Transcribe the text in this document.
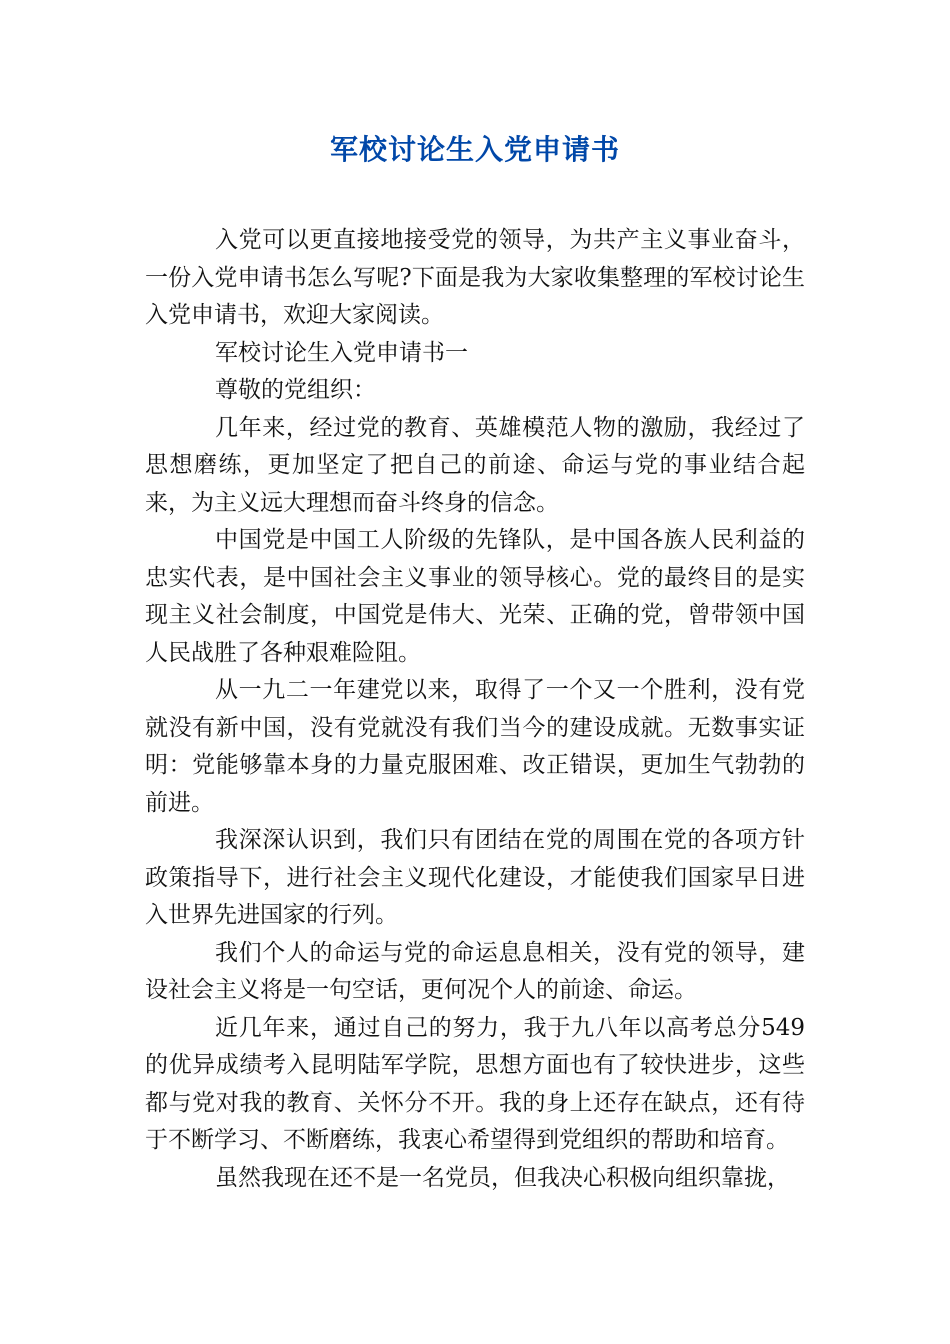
军校讨论生入党申请书

入党可以更直接地接受党的领导，为共产主义事业奋斗，一份入党申请书怎么写呢?下面是我为大家收集整理的军校讨论生入党申请书，欢迎大家阅读。

军校讨论生入党申请书一

尊敬的党组织：

几年来，经过党的教育、英雄模范人物的激励，我经过了思想磨练，更加坚定了把自己的前途、命运与党的事业结合起来，为主义远大理想而奋斗终身的信念。

中国党是中国工人阶级的先锋队，是中国各族人民利益的忠实代表，是中国社会主义事业的领导核心。党的最终目的是实现主义社会制度，中国党是伟大、光荣、正确的党，曾带领中国人民战胜了各种艰难险阻。

从一九二一年建党以来，取得了一个又一个胜利，没有党就没有新中国，没有党就没有我们当今的建设成就。无数事实证明：党能够靠本身的力量克服困难、改正错误，更加生气勃勃的前进。

我深深认识到，我们只有团结在党的周围在党的各项方针政策指导下，进行社会主义现代化建设，才能使我们国家早日进入世界先进国家的行列。

我们个人的命运与党的命运息息相关，没有党的领导，建设社会主义将是一句空话，更何况个人的前途、命运。

近几年来，通过自己的努力，我于九八年以高考总分549的优异成绩考入昆明陆军学院，思想方面也有了较快进步，这些都与党对我的教育、关怀分不开。我的身上还存在缺点，还有待于不断学习、不断磨练，我衷心希望得到党组织的帮助和培育。

虽然我现在还不是一名党员，但我决心积极向组织靠拢，
